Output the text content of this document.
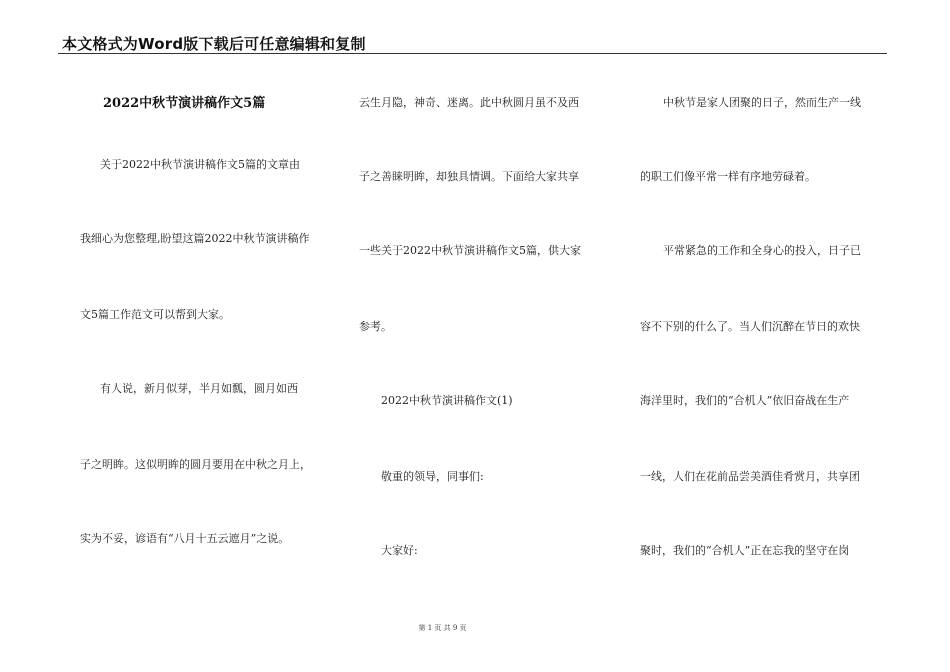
本文格式为Word版下载后可任意编辑和复制
2022中秋节演讲稿作文5篇
关于2022中秋节演讲稿作文5篇的文章由
我细心为您整理,盼望这篇2022中秋节演讲稿作
文5篇工作范文可以帮到大家。
有人说，新月似芽，半月如瓢，圆月如西
子之明眸。这似明眸的圆月要用在中秋之月上，
实为不妥，谚语有“八月十五云遮月”之说。
云生月隐，神奇、迷离。此中秋圆月虽不及西
子之善睐明眸，却独具情调。下面给大家共享
一些关于2022中秋节演讲稿作文5篇，供大家
参考。
2022中秋节演讲稿作文(1)
敬重的领导，同事们:
大家好:
中秋节是家人团聚的日子，然而生产一线
的职工们像平常一样有序地劳碌着。
平常紧急的工作和全身心的投入，日子已
容不下别的什么了。当人们沉醉在节日的欢快
海洋里时，我们的“合机人”依旧奋战在生产
一线，人们在花前品尝美酒佳肴赏月，共享团
聚时，我们的“合机人”正在忘我的坚守在岗
第 1 页 共 9 页
